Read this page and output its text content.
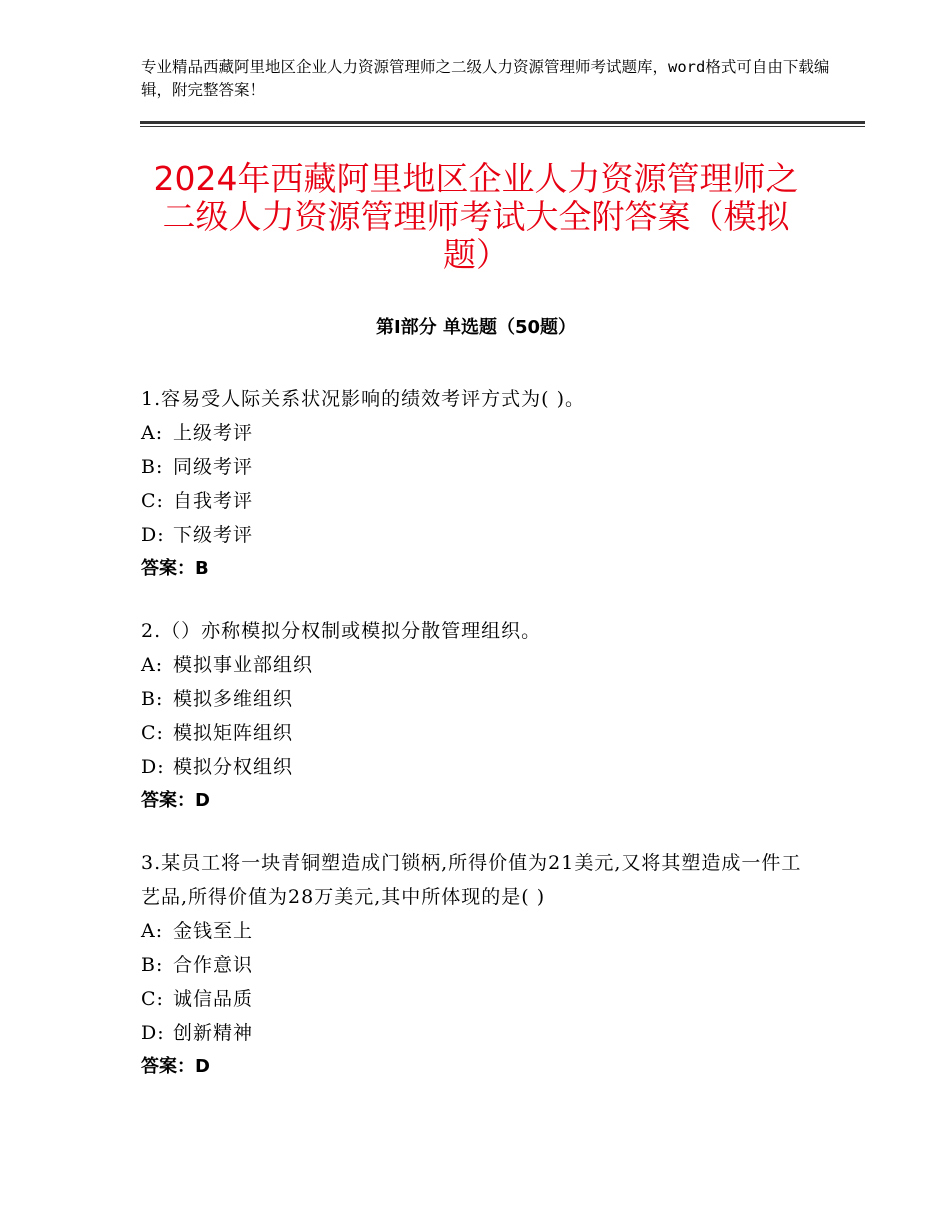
专业精品西藏阿里地区企业人力资源管理师之二级人力资源管理师考试题库，word格式可自由下载编辑，附完整答案！
2024年西藏阿里地区企业人力资源管理师之二级人力资源管理师考试大全附答案（模拟题）
第Ⅰ部分 单选题（50题）
1.容易受人际关系状况影响的绩效考评方式为( )。
A: 上级考评
B: 同级考评
C: 自我考评
D: 下级考评
答案：B
2.（）亦称模拟分权制或模拟分散管理组织。
A: 模拟事业部组织
B: 模拟多维组织
C: 模拟矩阵组织
D: 模拟分权组织
答案：D
3.某员工将一块青铜塑造成门锁柄,所得价值为21美元,又将其塑造成一件工艺品,所得价值为28万美元,其中所体现的是( )
A: 金钱至上
B: 合作意识
C: 诚信品质
D: 创新精神
答案：D
